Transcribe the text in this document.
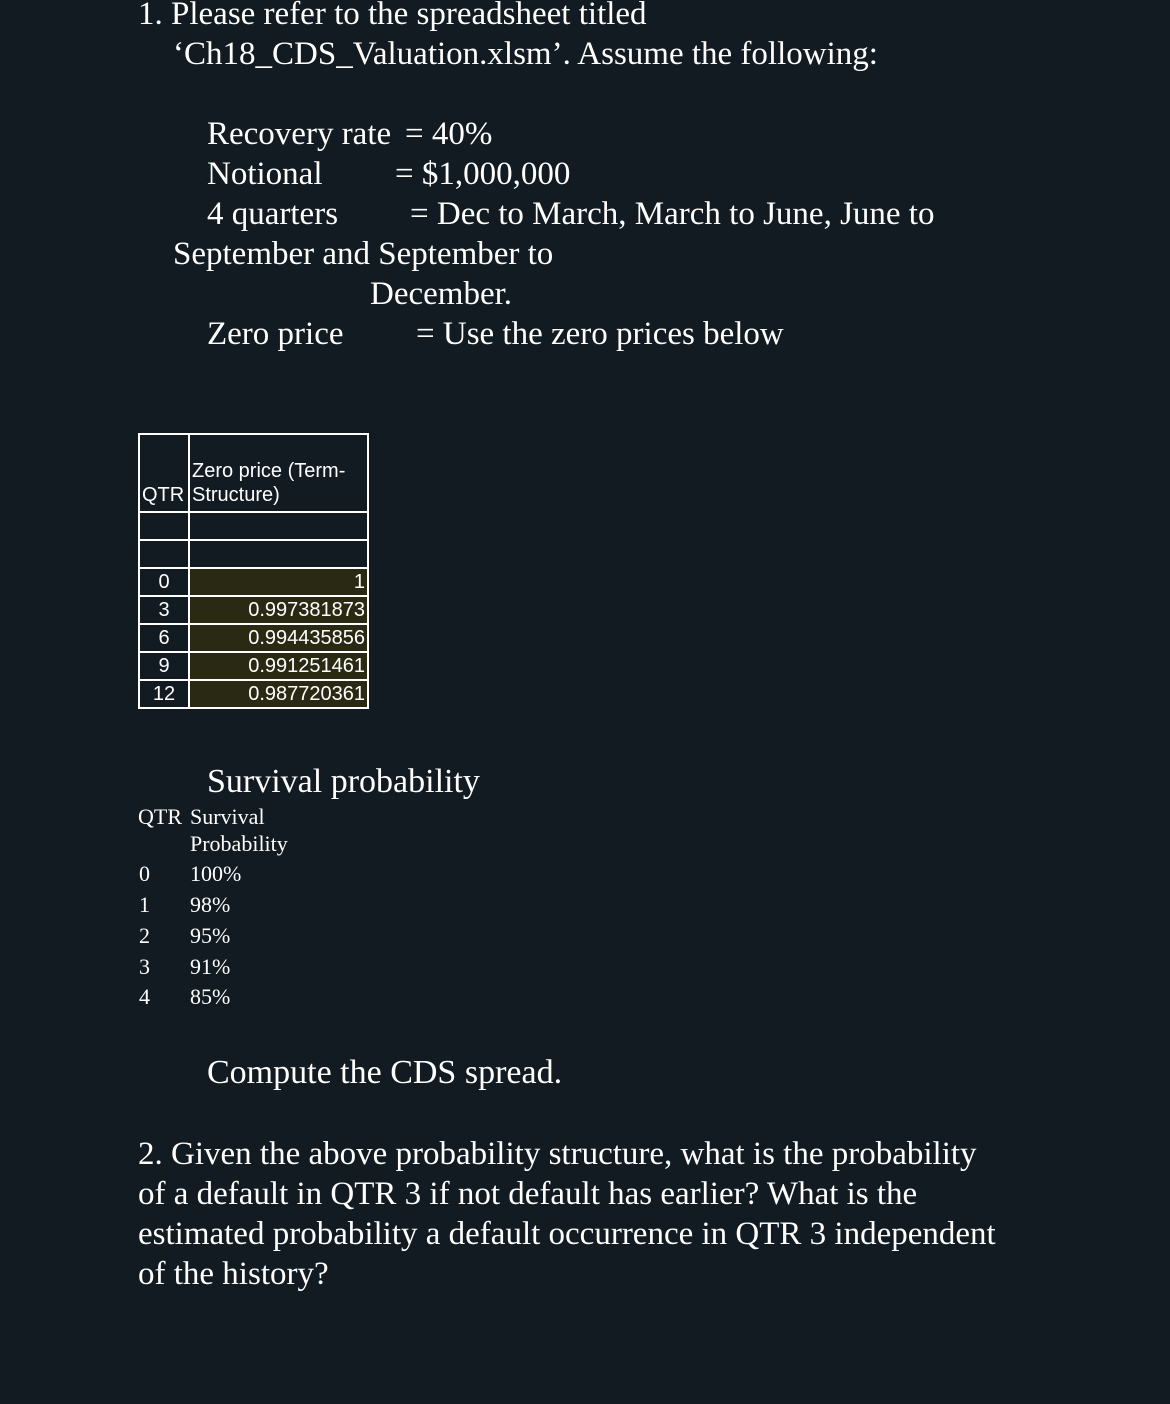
1. Please refer to the spreadsheet titled
‘Ch18_CDS_Valuation.xlsm’. Assume the following:
Recovery rate = 40%
Notional = $1,000,000
4 quarters = Dec to March, March to June, June to
September and September to
December.
Zero price = Use the zero prices below
QTR	Zero price (Term-
Structure)

0	1
3	0.997381873
6	0.994435856
9	0.991251461
12	0.987720361
Survival probability
QTR Survival
Probability
0 100%
1 98%
2 95%
3 91%
4 85%
Compute the CDS spread.
2. Given the above probability structure, what is the probability
of a default in QTR 3 if not default has earlier? What is the
estimated probability a default occurrence in QTR 3 independent
of the history?
